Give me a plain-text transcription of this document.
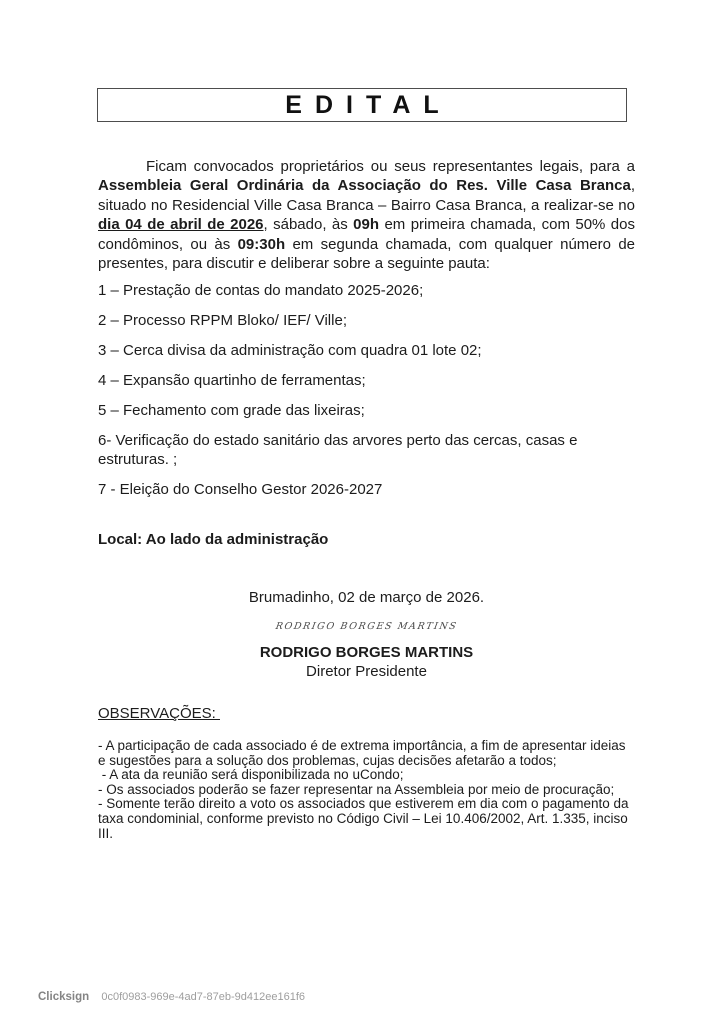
EDITAL

Ficam convocados proprietários ou seus representantes legais, para a Assembleia Geral Ordinária da Associação do Res. Ville Casa Branca, situado no Residencial Ville Casa Branca – Bairro Casa Branca, a realizar-se no dia 04 de abril de 2026, sábado, às 09h em primeira chamada, com 50% dos condôminos, ou às 09:30h em segunda chamada, com qualquer número de presentes, para discutir e deliberar sobre a seguinte pauta:

1 – Prestação de contas do mandato 2025-2026;

2 – Processo RPPM Bloko/ IEF/ Ville;

3 – Cerca divisa da administração com quadra 01 lote 02;

4 – Expansão quartinho de ferramentas;

5 – Fechamento com grade das lixeiras;

6- Verificação do estado sanitário das arvores perto das cercas, casas e estruturas. ;

7 - Eleição do Conselho Gestor 2026-2027

Local: Ao lado da administração

Brumadinho, 02 de março de 2026.

RODRIGO BORGES MARTINS

RODRIGO BORGES MARTINS

Diretor Presidente

OBSERVAÇÕES:

- A participação de cada associado é de extrema importância, a fim de apresentar ideias e sugestões para a solução dos problemas, cujas decisões afetarão a todos;

- A ata da reunião será disponibilizada no uCondo;

- Os associados poderão se fazer representar na Assembleia por meio de procuração;

- Somente terão direito a voto os associados que estiverem em dia com o pagamento da taxa condominial, conforme previsto no Código Civil – Lei 10.406/2002, Art. 1.335, inciso III.

Clicksign 0c0f0983-969e-4ad7-87eb-9d412ee161f6
